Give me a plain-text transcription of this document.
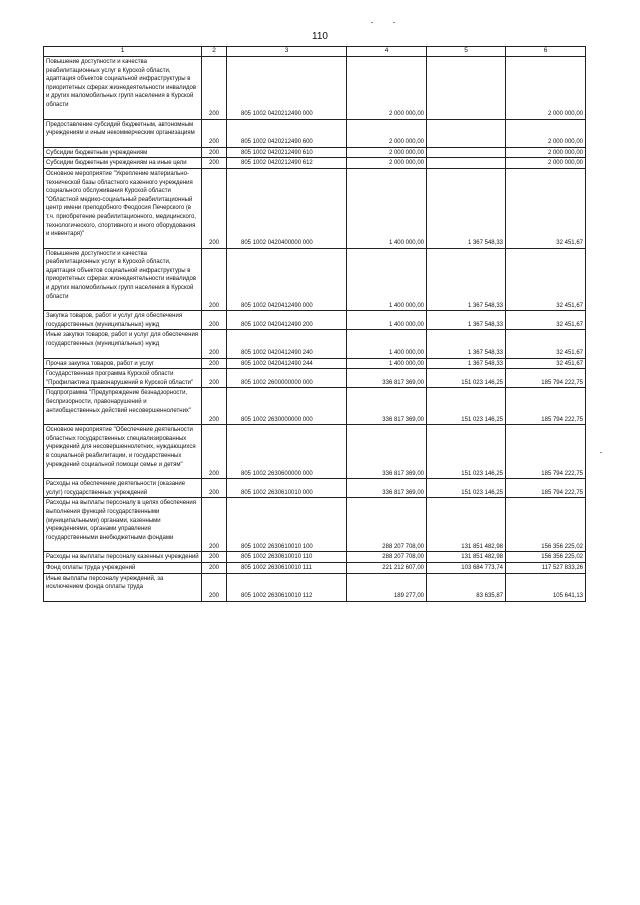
110
1	2	3	4	5	6

Повышение доступности и качества реабилитационных услуг в Курской области, адаптация объектов социальной инфраструктуры в приоритетных сферах жизнедеятельности инвалидов и других маломобильных групп населения в Курской области	200	805 1002 0420212490 000	2 000 000,00		2 000 000,00

Предоставление субсидий бюджетным, автономным учреждениям и иным некоммерческим организациям	200	805 1002 0420212490 600	2 000 000,00		2 000 000,00

Субсидии бюджетным учреждениям	200	805 1002 0420212490 610	2 000 000,00		2 000 000,00

Субсидии бюджетным учреждениям на иные цели	200	805 1002 0420212490 612	2 000 000,00		2 000 000,00

Основное мероприятие "Укрепление материально-технической базы областного казенного учреждения социального обслуживания Курской области "Областной медико-социальный реабилитационный центр имени преподобного Феодосия Печерского (в т.ч. приобретение реабилитационного, медицинского, технологического, спортивного и иного оборудования и инвентаря)"	200	805 1002 0420400000 000	1 400 000,00	1 367 548,33	32 451,67

Повышение доступности и качества реабилитационных услуг в Курской области, адаптация объектов социальной инфраструктуры в приоритетных сферах жизнедеятельности инвалидов и других маломобильных групп населения в Курской области	200	805 1002 0420412490 000	1 400 000,00	1 367 548,33	32 451,67

Закупка товаров, работ и услуг для обеспечения государственных (муниципальных) нужд	200	805 1002 0420412490 200	1 400 000,00	1 367 548,33	32 451,67

Иные закупки товаров, работ и услуг для обеспечения государственных (муниципальных) нужд	200	805 1002 0420412490 240	1 400 000,00	1 367 548,33	32 451,67

Прочая закупка товаров, работ и услуг	200	805 1002 0420412490 244	1 400 000,00	1 367 548,33	32 451,67

Государственная программа Курской области "Профилактика правонарушений в Курской области"	200	805 1002 2600000000 000	336 817 369,00	151 023 146,25	185 794 222,75

Подпрограмма "Предупреждение безнадзорности, беспризорности, правонарушений и антиобщественных действий несовершеннолетних"	200	805 1002 2630000000 000	336 817 369,00	151 023 146,25	185 794 222,75

Основное мероприятие "Обеспечение деятельности областных государственных специализированных учреждений для несовершеннолетних, нуждающихся в социальной реабилитации, и государственных учреждений социальной помощи семье и детям"	200	805 1002 2630600000 000	336 817 369,00	151 023 146,25	185 794 222,75

Расходы на обеспечение деятельности (оказание услуг) государственных учреждений	200	805 1002 2630610010 000	336 817 369,00	151 023 146,25	185 794 222,75

Расходы на выплаты персоналу в целях обеспечения выполнения функций государственными (муниципальными) органами, казенными учреждениями, органами управления государственными внебюджетными фондами	200	805 1002 2630610010 100	288 207 708,00	131 851 482,98	156 356 225,02

Расходы на выплаты персоналу казенных учреждений	200	805 1002 2630610010 110	288 207 708,00	131 851 482,98	156 356 225,02

Фонд оплаты труда учреждений	200	805 1002 2630610010 111	221 212 607,00	103 684 773,74	117 527 833,26

Иные выплаты персоналу учреждений, за исключением фонда оплаты труда	200	805 1002 2630610010 112	189 277,00	83 635,87	105 641,13
